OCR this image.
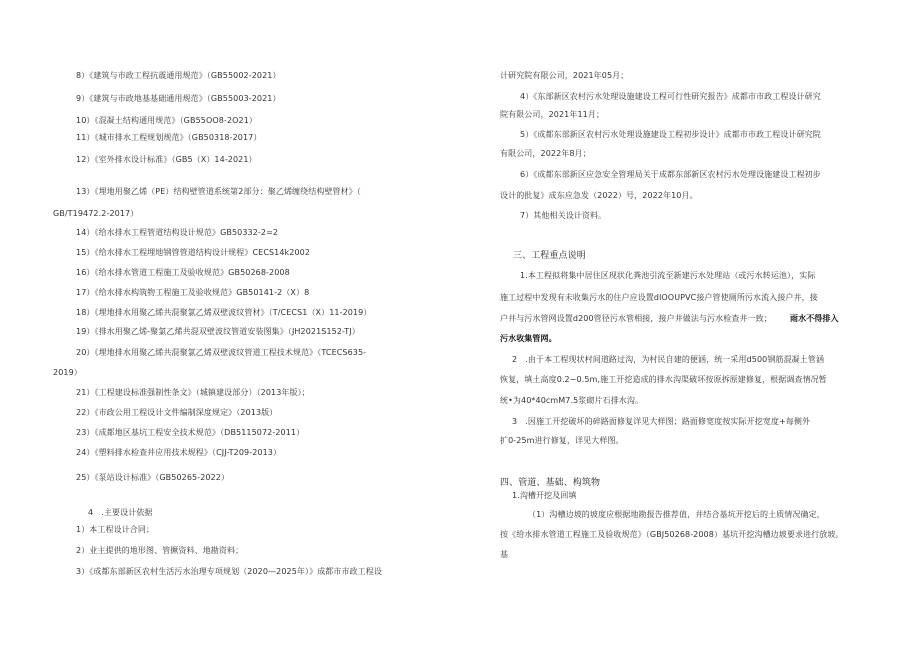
8）《建筑与市政工程抗震通用规范》（GB55002-2021）
9）《建筑与市政地基基础通用规范》（GB55003-2021）
10）《混凝土结构通用规范》（GB55OO8-2O21）
11）《城市排水工程规划规范》（GB50318-2017）
12）《室外排水设计标准》（GB5（X）14-2021）
13）《埋地用聚乙烯（PE）结构壁管道系统第2部分：聚乙烯缠绕结构壁管材》（
GB/T19472.2-2017）
14）《给水排水工程管道结构设计规范》GB50332-2=2
15）《给水排水工程埋地钢管管道结构设计规程》CECS14k2002
16）《给水排水管道工程施工及验收规范》GB50268-2008
17）《给水排水构筑物工程施工及验收规范》GB50141-2（X）8
18）《埋地排水用聚乙烯共混聚氯乙烯双壁波纹管材》（T/CECS1（X）11-2019）
19）《排水用聚乙烯-聚氯乙烯共混双壁波纹管道安装图集》（JH2021S152-TJ）
20）《埋地排水用聚乙烯共混聚氯乙烯双壁波纹管道工程技术规范》（TCECS635-
2019）
21）《工程建设标准强制性条文》（城镇建设部分）（2013年版）；
22）《市政公用工程设计文件编制深度规定》（2013版）
23）《成都地区基坑工程安全技术规范》（DB5115072-2011）
24）《塑料排水检查井应用技术规程》（CJJ-T209-2013）
25）《泵站设计标准》（GB50265-2022）
4　.主要设计依据
1）本工程设计合同；
2）业主提供的地形图、管撅资料、地勘资料；
3）《成都东部新区农村生活污水治理专项规划（2020—2025年）》成都市市政工程设
计研究院有限公司，2021年05月；
4）《东部新区农村污水处理设施建设工程可行性研究报告》成都市市政工程设计研究
院有限公司，2021年11月；
5）《成都东部新区农村污水处理设施建设工程初步设计》成都市市政工程设计研究院
有限公司，2022年8月；
6）《成都东部新区应急安全管理局关于成都东部新区农村污水处理设施建设工程初步
设计的批复》成东应急发（2022）号，2022年10月。
7）其他相关设计资料。
三、工程重点说明
1.本工程拟将集中居住区现状化粪池引流至新建污水处理站（或污水转运池），实际
施工过程中发现有未收集污水的住户应设置dlOOUPVC接户管使厕所污水流入接户井，接
户井与污水管网设置d200管径污水管相接，接户井做法与污水检查井一致； 雨水不得排入
污水收集管网。
2　.由于本工程现状村间道路过沟，为村民自建的便涵，统一采用d500钢筋混凝土管涵
恢复，填土高度0.2~0.5m,施工开挖造成的排水沟渠破坏按原拆原建修复，根据调查情况暂
统•为40*40cmM7.5浆砌片石排水沟。
3　.因施工开挖破坏的碎路面修复详见大样图；路面修宽度按实际开挖宽度+每侧外
扩0-25m进行修复，详见大样图。
四、管道、基础、构筑物
1.沟槽开挖及回填
（1）沟槽边坡的坡度应根据地勘报告推荐值，并结合基坑开挖后的土质情况确定，
按《给水排水管道工程施工及验收规范》（GBJ50268-2008）基坑开挖沟槽边坡要求进行放坡。
基
